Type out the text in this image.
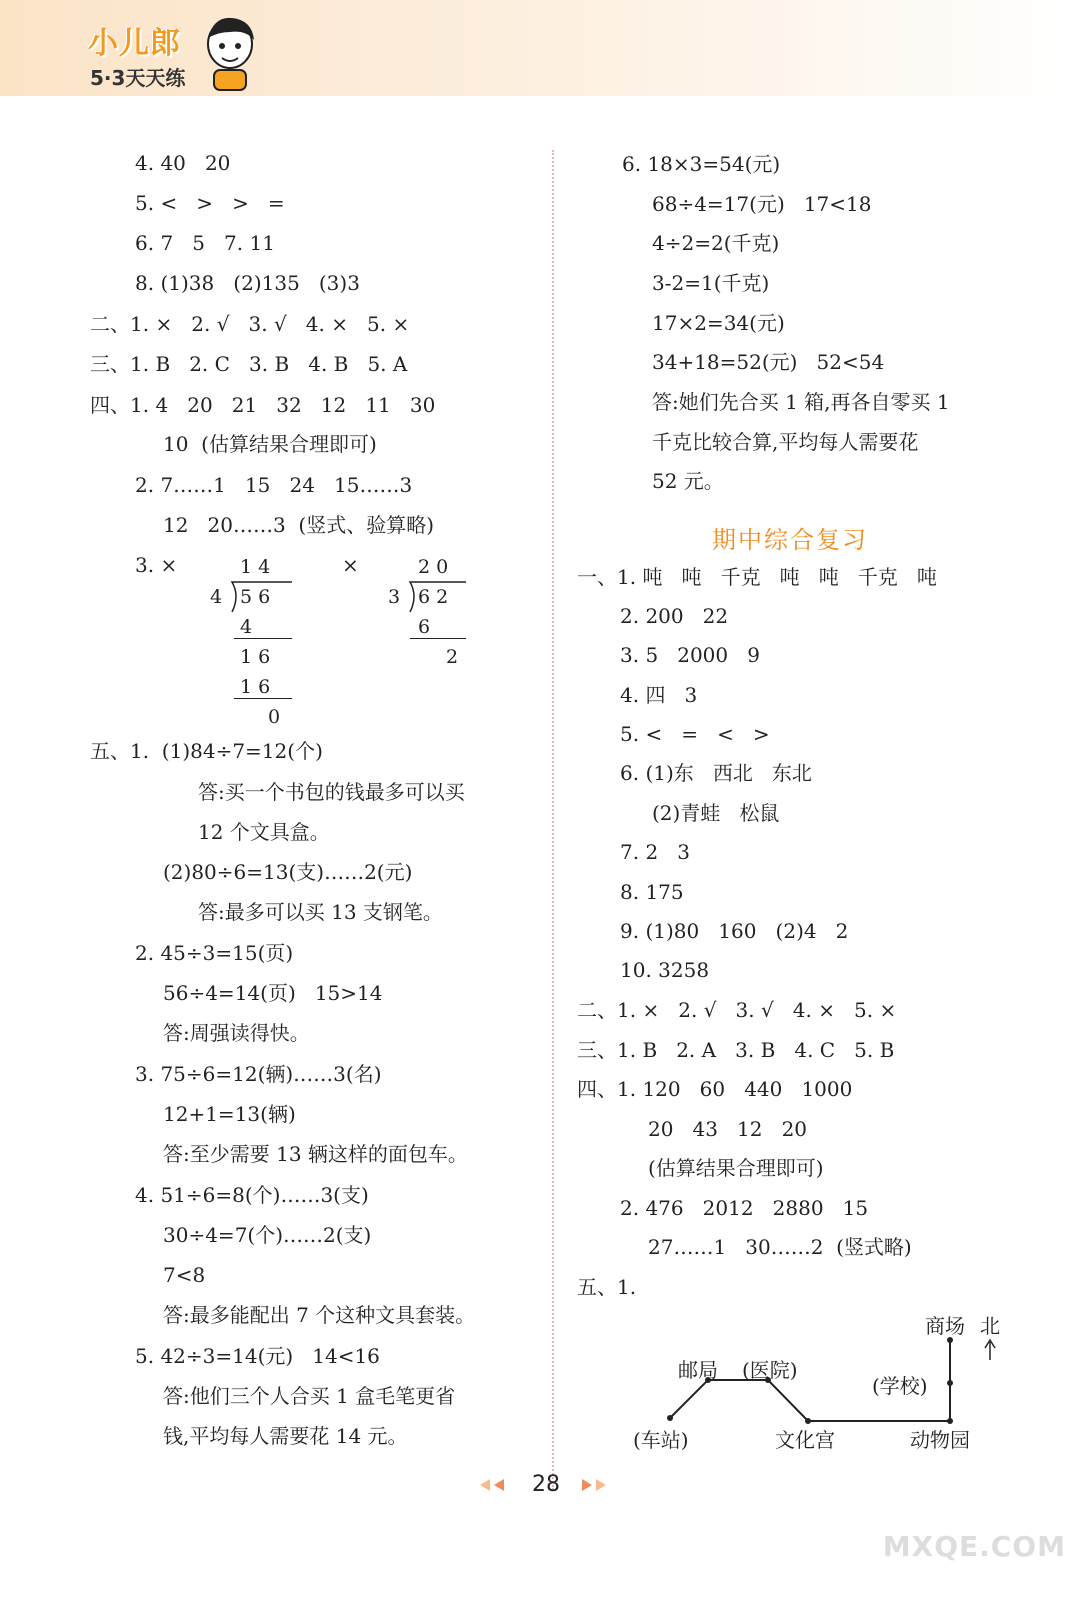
小儿郎
5·3天天练
4. 40   20
5. <   >   >   =
6. 7   5   7. 11
8. (1)38   (2)135   (3)3
二、1. ×   2. √   3. √   4. ×   5. ×
三、1. B   2. C   3. B   4. B   5. A
四、1. 4   20   21   32   12   11   30
10  (估算结果合理即可)
2. 7……1   15   24   15……3
12   20……3  (竖式、验算略)
3. ×	×
五、1.  (1)84÷7=12(个)
答:买一个书包的钱最多可以买
12 个文具盒。
(2)80÷6=13(支)……2(元)
答:最多可以买 13 支钢笔。
2. 45÷3=15(页)
56÷4=14(页)   15>14
答:周强读得快。
3. 75÷6=12(辆)……3(名)
12+1=13(辆)
答:至少需要 13 辆这样的面包车。
4. 51÷6=8(个)……3(支)
30÷4=7(个)……2(支)
7<8
答:最多能配出 7 个这种文具套装。
5. 42÷3=14(元)   14<16
答:他们三个人合买 1 盒毛笔更省
钱,平均每人需要花 14 元。
1 4
4 5 6
4
1 6
1 6
0
2 0
3 6 2
6
2
6. 18×3=54(元)
68÷4=17(元)   17<18
4÷2=2(千克)
3-2=1(千克)
17×2=34(元)
34+18=52(元)   52<54
答:她们先合买 1 箱,再各自零买 1
千克比较合算,平均每人需要花
52 元。
一、1. 吨   吨   千克   吨   吨   千克   吨
2. 200   22
3. 5   2000   9
4. 四   3
5. <   =   <   >
6. (1)东   西北   东北
(2)青蛙   松鼠
7. 2   3
8. 175
9. (1)80   160   (2)4   2
10. 3258
二、1. ×   2. √   3. √   4. ×   5. ×
三、1. B   2. A   3. B   4. C   5. B
四、1. 120   60   440   1000
20   43   12   20
(估算结果合理即可)
2. 476   2012   2880   15
27……1   30……2  (竖式略)
五、1.
期中综合复习
商场 北
邮局 (医院)
(学校)
(车站)	文化宫	动物园
28
MXQE.COM
